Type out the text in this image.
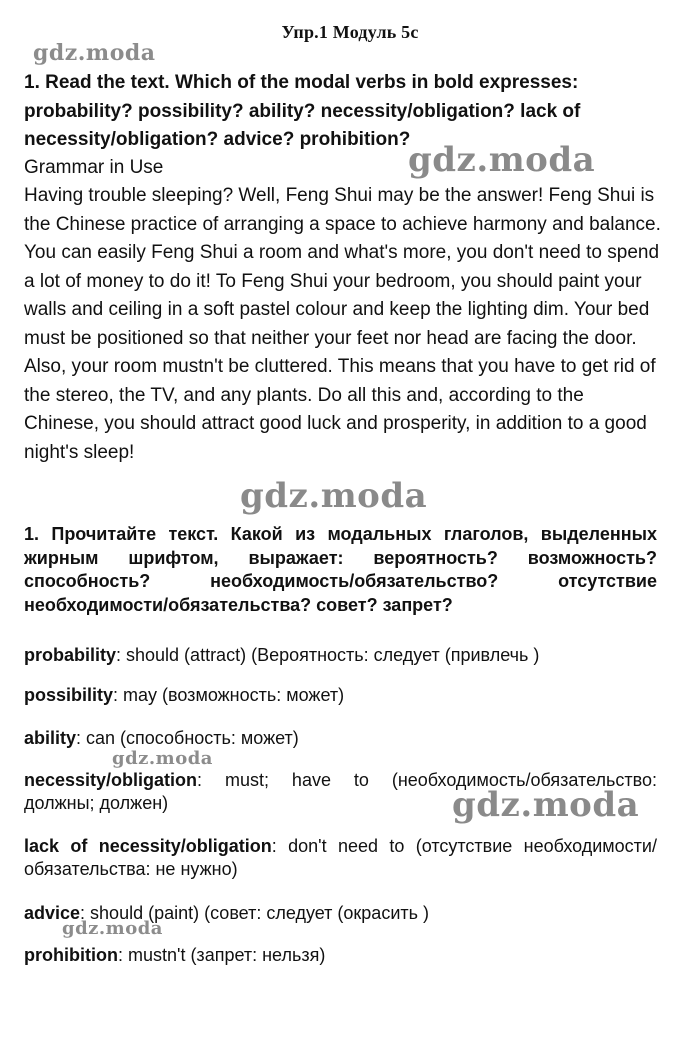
Упр.1 Модуль 5с
gdz.moda
1. Read the text. Which of the modal verbs in bold expresses: probability? possibility? ability? necessity/obligation? lack of necessity/obligation? advice? prohibition?
Grammar in Use	gdz.moda
Having trouble sleeping? Well, Feng Shui may be the answer! Feng Shui is the Chinese practice of arranging a space to achieve harmony and balance. You can easily Feng Shui a room and what's more, you don't need to spend a lot of money to do it! To Feng Shui your bedroom, you should paint your walls and ceiling in a soft pastel colour and keep the lighting dim. Your bed must be positioned so that neither your feet nor head are facing the door. Also, your room mustn't be cluttered. This means that you have to get rid of the stereo, the TV, and any plants. Do all this and, according to the Chinese, you should attract good luck and prosperity, in addition to a good night's sleep!
gdz.moda
1. Прочитайте текст. Какой из модальных глаголов, выделенных жирным шрифтом, выражает: вероятность? возможность? способность? необходимость/обязательство? отсутствие необходимости/обязательства? совет? запрет?

probability: should (attract) (Вероятность: следует (привлечь )

possibility: may (возможность: может)

ability: can (способность: может)

necessity/obligation: must; have to (необходимость/обязательство: должны; должен)

lack of necessity/obligation: don't need to (отсутствие необходимости/обязательства: не нужно)

advice: should (paint) (совет: следует (окрасить )

prohibition: mustn't (запрет: нельзя)

gdz.moda
gdz.moda
gdz.moda
